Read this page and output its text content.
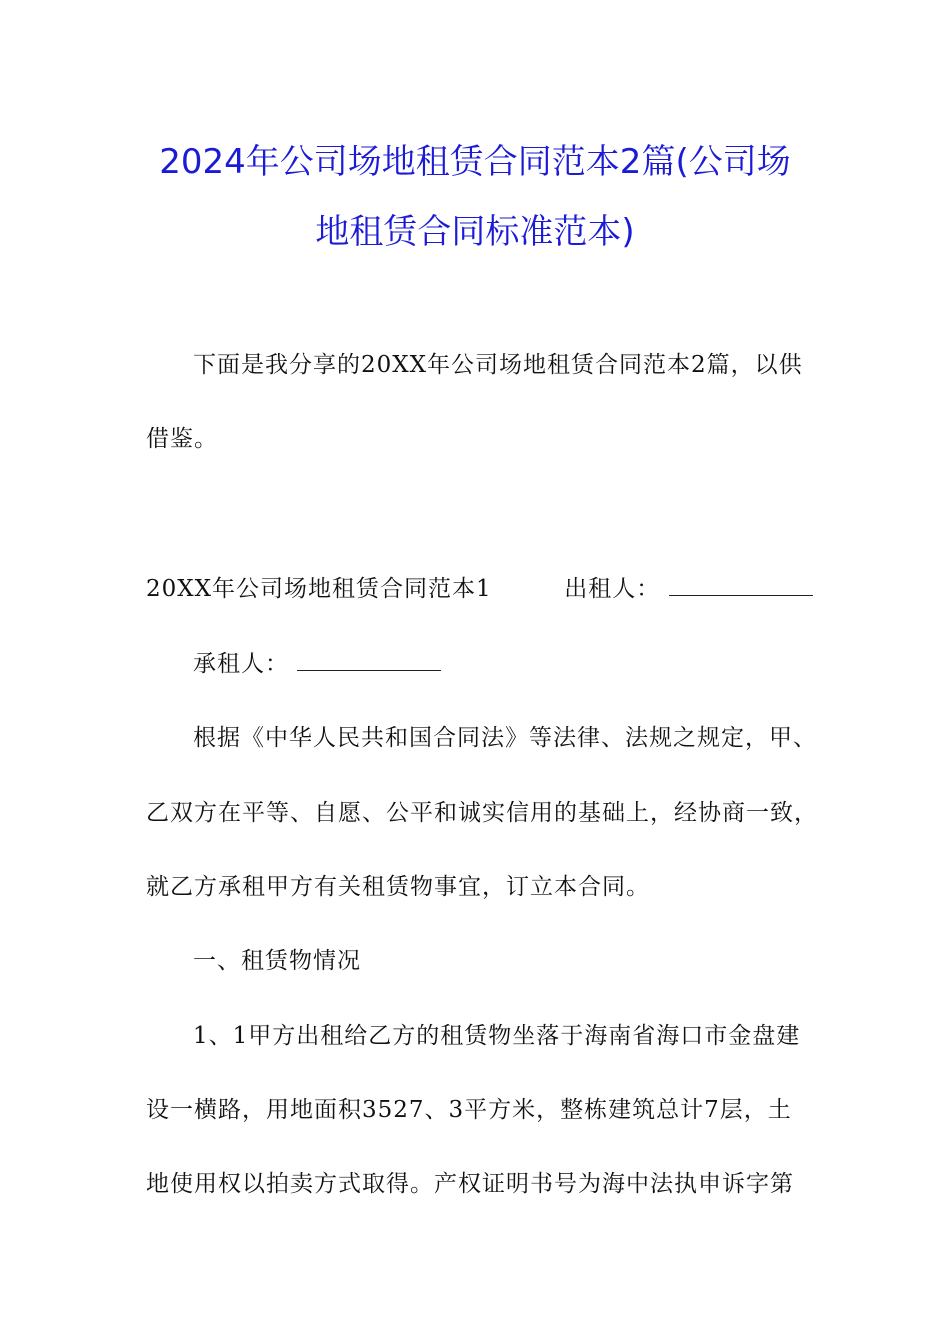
2024年公司场地租赁合同范本2篇(公司场
地租赁合同标准范本)
下面是我分享的20XX年公司场地租赁合同范本2篇，以供
借鉴。
20XX年公司场地租赁合同范本1	出租人：
承租人：
根据《中华人民共和国合同法》等法律、法规之规定，甲、
乙双方在平等、自愿、公平和诚实信用的基础上，经协商一致，
就乙方承租甲方有关租赁物事宜，订立本合同。
一、租赁物情况
1、1甲方出租给乙方的租赁物坐落于海南省海口市金盘建
设一横路，用地面积3527、3平方米，整栋建筑总计7层，土
地使用权以拍卖方式取得。产权证明书号为海中法执申诉字第
